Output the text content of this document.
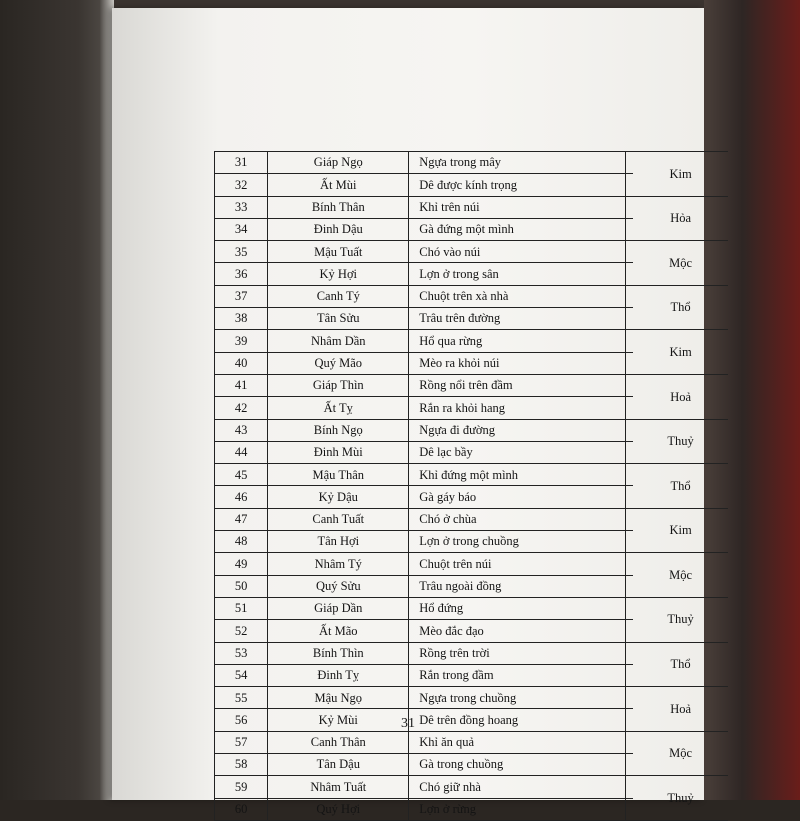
31	Giáp Ngọ	Ngựa trong mây		Kim
32	Ất Mùi	Dê được kính trọng		
33	Bính Thân	Khỉ trên núi		Hỏa
34	Đinh Dậu	Gà đứng một mình		
35	Mậu Tuất	Chó vào núi		Mộc
36	Kỷ Hợi	Lợn ở trong sân		
37	Canh Tý	Chuột trên xà nhà		Thổ
38	Tân Sửu	Trâu trên đường		
39	Nhâm Dần	Hổ qua rừng		Kim
40	Quý Mão	Mèo ra khỏi núi		
41	Giáp Thìn	Rồng nổi trên đầm		Hoả
42	Ất Tỵ	Rắn ra khỏi hang		
43	Bính Ngọ	Ngựa đi đường		Thuỷ
44	Đinh Mùi	Dê lạc bầy		
45	Mậu Thân	Khỉ đứng một mình		Thổ
46	Kỷ Dậu	Gà gáy báo		
47	Canh Tuất	Chó ở chùa		Kim
48	Tân Hợi	Lợn ở trong chuồng		
49	Nhâm Tý	Chuột trên núi		Mộc
50	Quý Sửu	Trâu ngoài đồng		
51	Giáp Dần	Hổ đứng		Thuỷ
52	Ất Mão	Mèo đắc đạo		
53	Bính Thìn	Rồng trên trời		Thổ
54	Đinh Tỵ	Rắn trong đầm		
55	Mậu Ngọ	Ngựa trong chuồng		Hoả
56	Kỷ Mùi	Dê trên đồng hoang		
57	Canh Thân	Khỉ ăn quả		Mộc
58	Tân Dậu	Gà trong chuồng		
59	Nhâm Tuất	Chó giữ nhà		Thuỷ
60	Quý Hợi	Lợn ở rừng		
31
